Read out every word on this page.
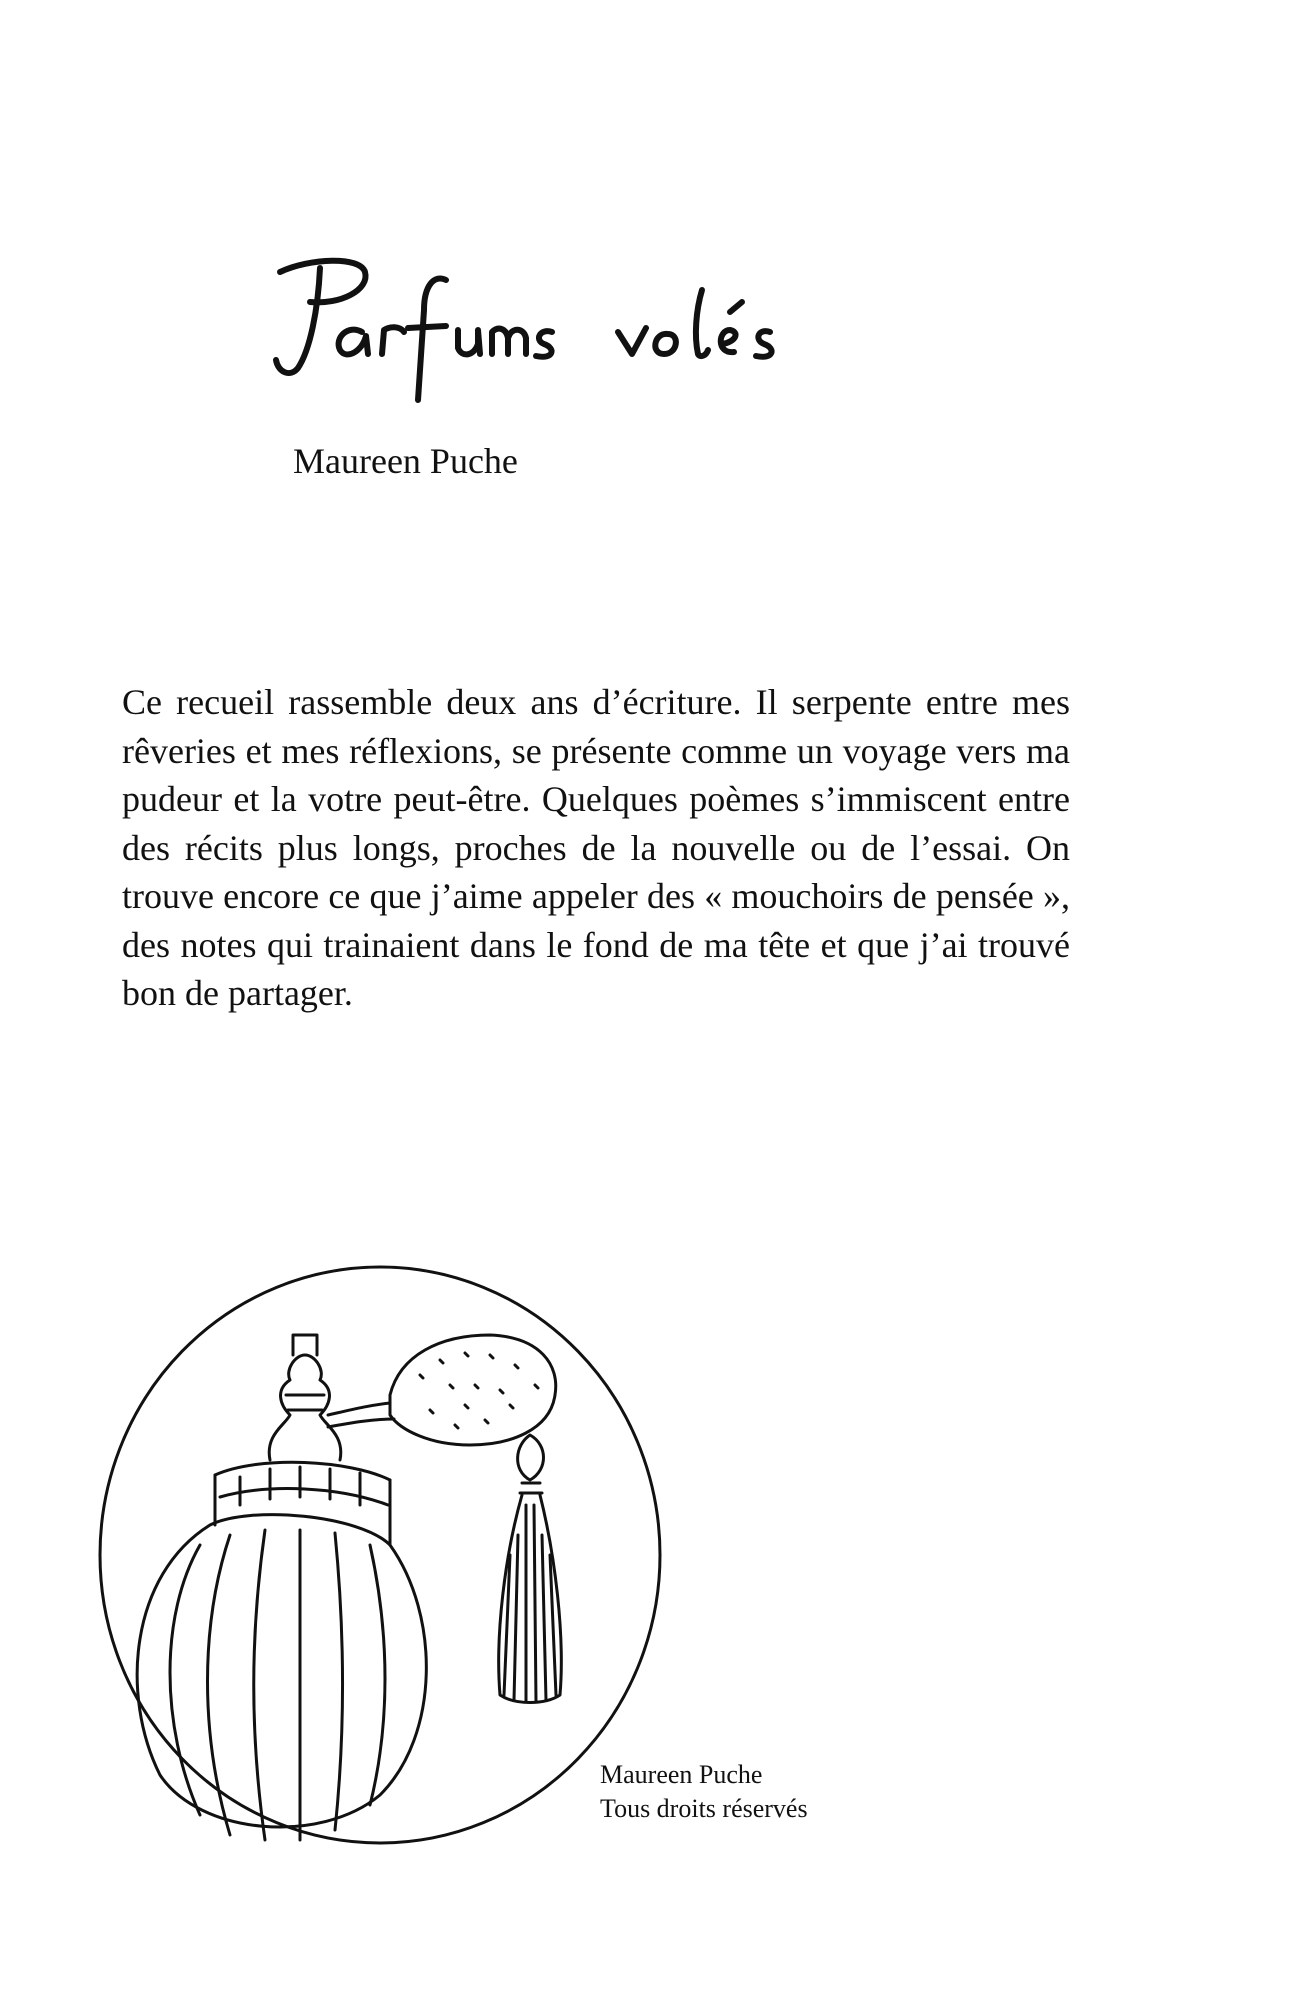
Maureen Puche

Ce recueil rassemble deux ans d’écriture. Il serpente entre mes rêveries et mes réflexions, se présente comme un voyage vers ma pudeur et la votre peut-être. Quelques poèmes s’immiscent entre des récits plus longs, proches de la nouvelle ou de l’essai. On trouve encore ce que j’aime appeler des « mouchoirs de pensée », des notes qui trainaient dans le fond de ma tête et que j’ai trouvé bon de partager.

Maureen Puche
Tous droits réservés
